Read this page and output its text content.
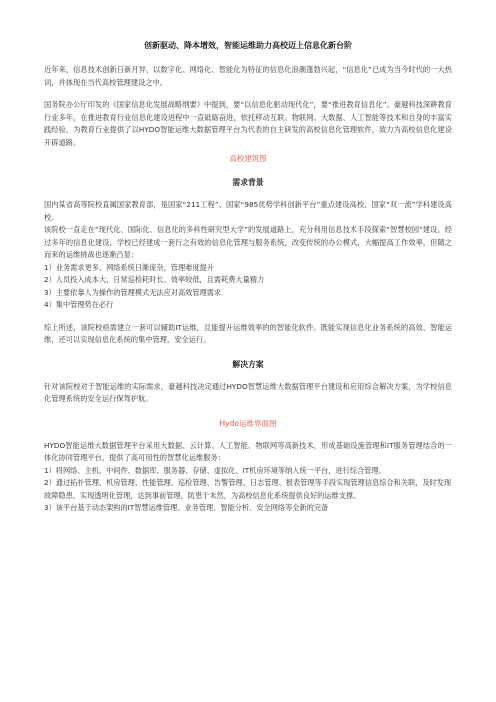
创新驱动、降本增效，智能运维助力高校迈上信息化新台阶

近年来，信息技术创新日新月异，以数字化、网络化、智能化为特征的信息化浪潮蓬勃兴起，“信息化”已成为当今时代的一大热词，并体现在当代高校管理建设之中。

国务院办公厅印发的《国家信息化发展战略纲要》中提到，要“以信息化驱动现代化”，要“推进教育信息化”。豪越科技深耕教育行业多年，在推进教育行业信息化建设进程中一直砥砺奋进，依托移动互联、物联网、大数据、人工智能等技术和自身的丰富实践经验，为教育行业提供了以HYDO智能运维大数据管理平台为代表的自主研发的高校信息化管理软件，致力为高校信息化建设开辟道路。

高校建筑图
需求背景

国内某省高等院校直属国家教育部，是国家“211工程”、国家“985优势学科创新平台”重点建设高校、国家“双一流”学科建设高校。

该院校一直走在“现代化、国际化、信息化的多科性研究型大学”的发展道路上，充分利用信息技术手段探索“智慧校园”建设。经过多年的信息化建设，学校已经建成一套行之有效的信息化管理与服务系统，改变传统的办公模式，大幅提高工作效率，但随之而来的运维挑战也逐渐凸显：

1）业务需求更多、网络系统日渐庞杂，管理难度提升

2）人员投入成本大，日常巡检耗时长、效率较低，且需耗费大量精力

3）主要依靠人为操作的管理模式无法应对高效管理需求

4）集中管理势在必行

综上所述，该院校亟需建立一套可以辅助IT运维，且能提升运维效率的的智能化软件。既能实现信息化业务系统的高效、智能运维，还可以实现信息化系统的集中管理、安全运行。

解决方案

针对该院校对于智能运维的实际需求，豪越科技决定通过HYDO智慧运维大数据管理平台建设和应用综合解决方案，为学校信息化管理系统的安全运行保驾护航。

Hydo运维界面图

HYDO智能运维大数据管理平台采用大数据、云计算、人工智能、物联网等高新技术，形成基础设施管理和IT服务管理结合的一体化协同管理平台，提供了高可用性的智慧化运维服务：

1）将网络、主机、中间件、数据库、服务器、存储、虚拟化、IT机房环境等纳入统一平台，进行综合管理。

2）通过拓扑管理、机房管理、性能管理、巡检管理、告警管理、日志管理、报表管理等手段实现管理信息综合和关联，及时发现故障隐患、实现透明化管理，达到事前管理，防患于未然，为高校信息化系统提供良好的运维支撑。

3）该平台基于动态架构的IT智慧运维管理、业务管理、智能分析、安全网络等全新的完备
